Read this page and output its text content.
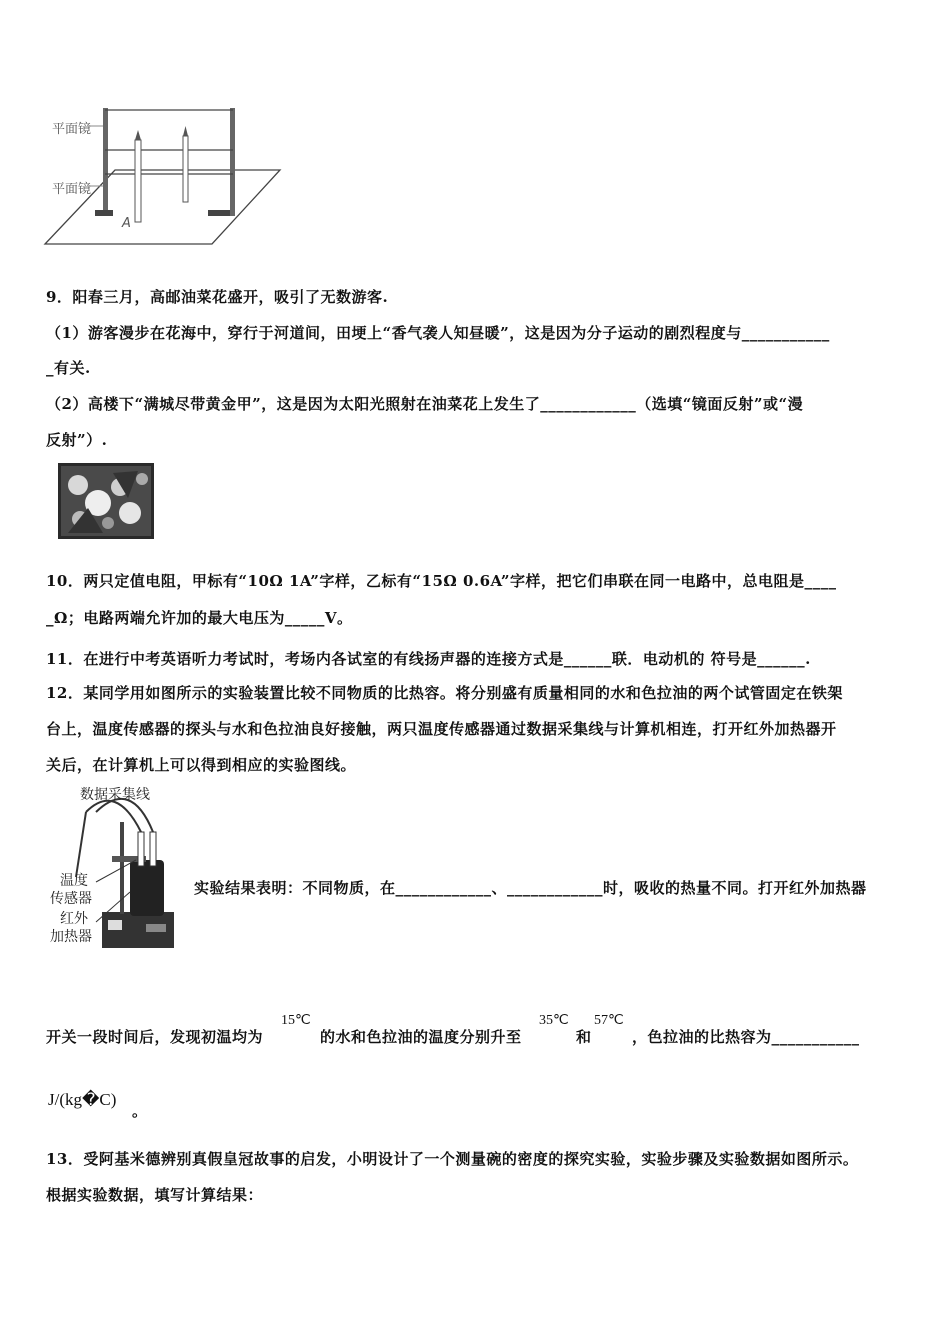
平面镜
平面镜
A
9．阳春三月，高邮油菜花盛开，吸引了无数游客.
（1）游客漫步在花海中，穿行于河道间，田埂上“香气袭人知昼暖”，这是因为分子运动的剧烈程度与___________
_有关.
（2）高楼下“满城尽带黄金甲”，这是因为太阳光照射在油菜花上发生了____________（选填“镜面反射”或“漫
反射”）.
10．两只定值电阻，甲标有“10Ω 1A”字样，乙标有“15Ω 0.6A”字样，把它们串联在同一电路中，总电阻是____
_Ω；电路两端允许加的最大电压为_____V。
11．在进行中考英语听力考试时，考场内各试室的有线扬声器的连接方式是______联．电动机的 符号是______.
12．某同学用如图所示的实验装置比较不同物质的比热容。将分别盛有质量相同的水和色拉油的两个试管固定在铁架
台上，温度传感器的探头与水和色拉油良好接触，两只温度传感器通过数据采集线与计算机相连，打开红外加热器开
关后，在计算机上可以得到相应的实验图线。
数据采集线
温度
传感器
红外
加热器
实验结果表明：不同物质，在____________、____________时，吸收的热量不同。打开红外加热器
开关一段时间后，发现初温均为
15℃
的水和色拉油的温度分别升至
35℃
和
57℃
，色拉油的比热容为___________
J/(kg�C)
。
13．受阿基米德辨别真假皇冠故事的启发，小明设计了一个测量碗的密度的探究实验，实验步骤及实验数据如图所示。
根据实验数据，填写计算结果：
